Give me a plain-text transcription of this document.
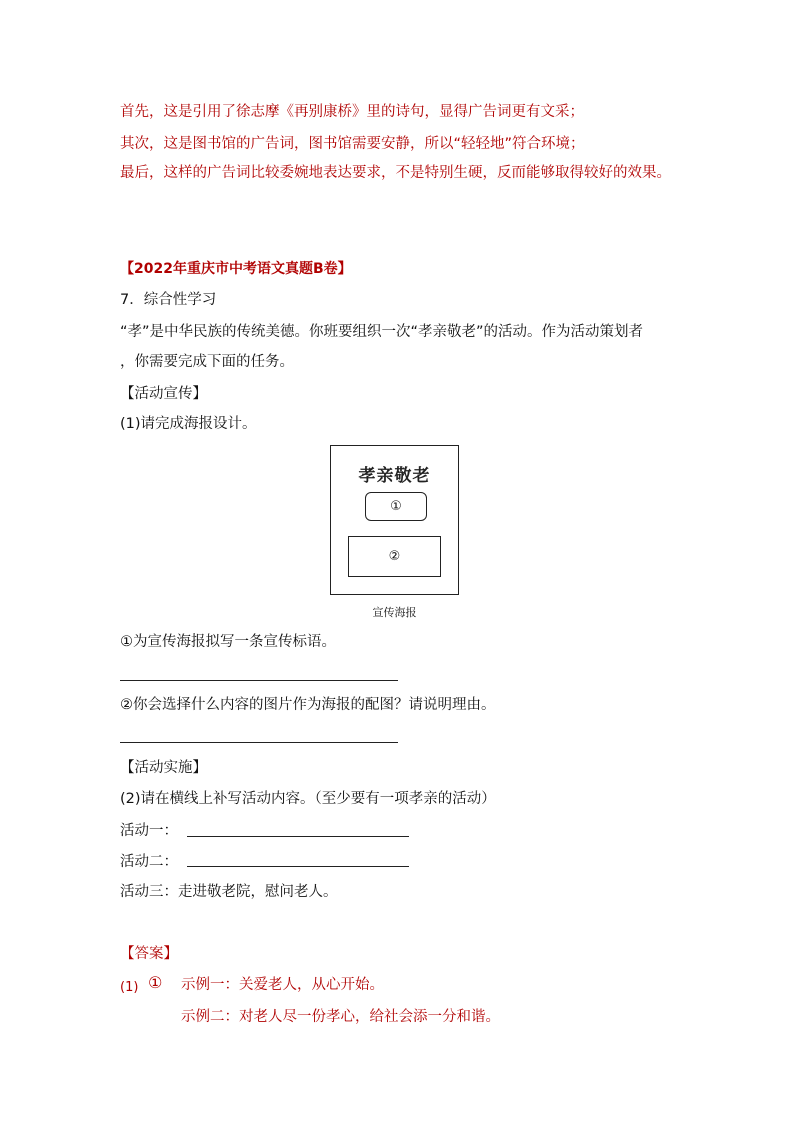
首先，这是引用了徐志摩《再别康桥》里的诗句，显得广告词更有文采；
其次，这是图书馆的广告词，图书馆需要安静，所以“轻轻地”符合环境；
最后，这样的广告词比较委婉地表达要求，不是特别生硬，反而能够取得较好的效果。
【2022年重庆市中考语文真题B卷】
7．综合性学习
“孝”是中华民族的传统美德。你班要组织一次“孝亲敬老”的活动。作为活动策划者
，你需要完成下面的任务。
【活动宣传】
(1)请完成海报设计。
孝亲敬老
①
②
宣传海报
①为宣传海报拟写一条宣传标语。
②你会选择什么内容的图片作为海报的配图？请说明理由。
【活动实施】
(2)请在横线上补写活动内容。（至少要有一项孝亲的活动）
活动一：
活动二：
活动三：走进敬老院，慰问老人。
【答案】
(1) ① 示例一：关爱老人，从心开始。
示例二：对老人尽一份孝心，给社会添一分和谐。
